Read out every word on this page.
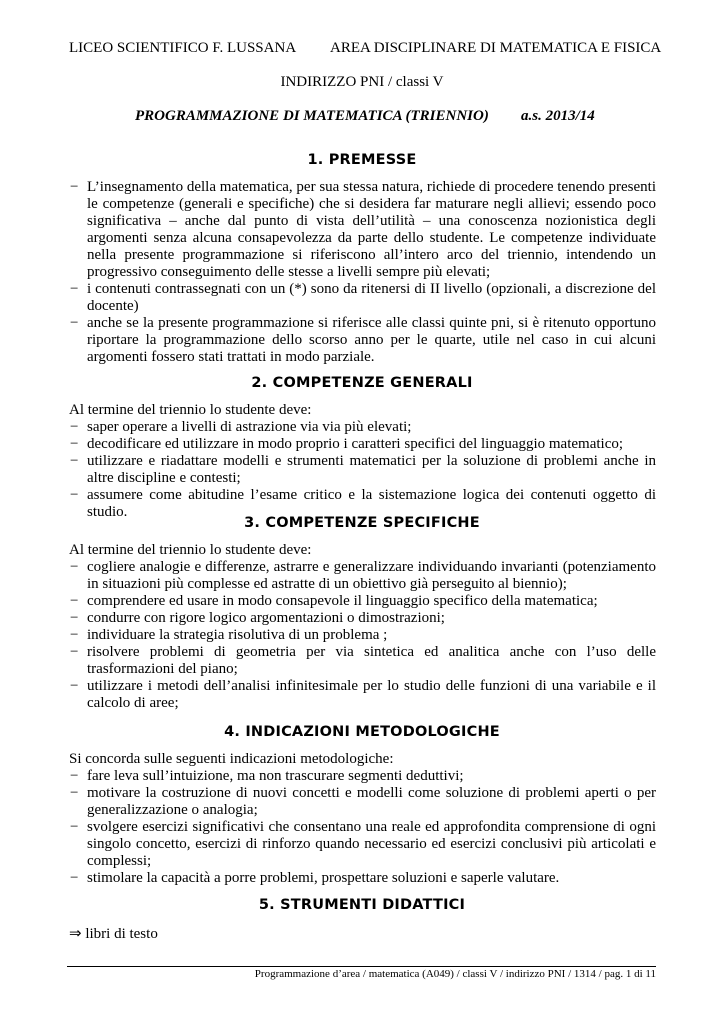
LICEO SCIENTIFICO F. LUSSANA AREA DISCIPLINARE DI MATEMATICA E FISICA
INDIRIZZO PNI / classi V
PROGRAMMAZIONE DI MATEMATICA (TRIENNIO) a.s. 2013/14
1. PREMESSE
− L’insegnamento della matematica, per sua stessa natura, richiede di procedere tenendo presenti le competenze (generali e specifiche) che si desidera far maturare negli allievi; essendo poco significativa – anche dal punto di vista dell’utilità – una conoscenza nozionistica degli argomenti senza alcuna consapevolezza da parte dello studente. Le competenze individuate nella presente programmazione si riferiscono all’intero arco del triennio, intendendo un progressivo conseguimento delle stesse a livelli sempre più elevati;
− i contenuti contrassegnati con un (*) sono da ritenersi di II livello (opzionali, a discrezione del docente)
− anche se la presente programmazione si riferisce alle classi quinte pni, si è ritenuto opportuno riportare la programmazione dello scorso anno per le quarte, utile nel caso in cui alcuni argomenti fossero stati trattati in modo parziale.
2. COMPETENZE GENERALI
Al termine del triennio lo studente deve:
− saper operare a livelli di astrazione via via più elevati;
− decodificare ed utilizzare in modo proprio i caratteri specifici del linguaggio matematico;
− utilizzare e riadattare modelli e strumenti matematici per la soluzione di problemi anche in altre discipline e contesti;
− assumere come abitudine l’esame critico e la sistemazione logica dei contenuti oggetto di studio.
3. COMPETENZE SPECIFICHE
Al termine del triennio lo studente deve:
− cogliere analogie e differenze, astrarre e generalizzare individuando invarianti (potenziamento in situazioni più complesse ed astratte di un obiettivo già perseguito al biennio);
− comprendere ed usare in modo consapevole il linguaggio specifico della matematica;
− condurre con rigore logico argomentazioni o dimostrazioni;
− individuare la strategia risolutiva di un problema ;
− risolvere problemi di geometria per via sintetica ed analitica anche con l’uso delle trasformazioni del piano;
− utilizzare i metodi dell’analisi infinitesimale per lo studio delle funzioni di una variabile e il calcolo di aree;
4. INDICAZIONI METODOLOGICHE
Si concorda sulle seguenti indicazioni metodologiche:
− fare leva sull’intuizione, ma non trascurare segmenti deduttivi;
− motivare la costruzione di nuovi concetti e modelli come soluzione di problemi aperti o per generalizzazione o analogia;
− svolgere esercizi significativi che consentano una reale ed approfondita comprensione di ogni singolo concetto, esercizi di rinforzo quando necessario ed esercizi conclusivi più articolati e complessi;
− stimolare la capacità a porre problemi, prospettare soluzioni e saperle valutare.
5. STRUMENTI DIDATTICI
⇒ libri di testo
Programmazione d’area / matematica (A049) / classi V / indirizzo PNI / 1314 / pag. 1 di 11
